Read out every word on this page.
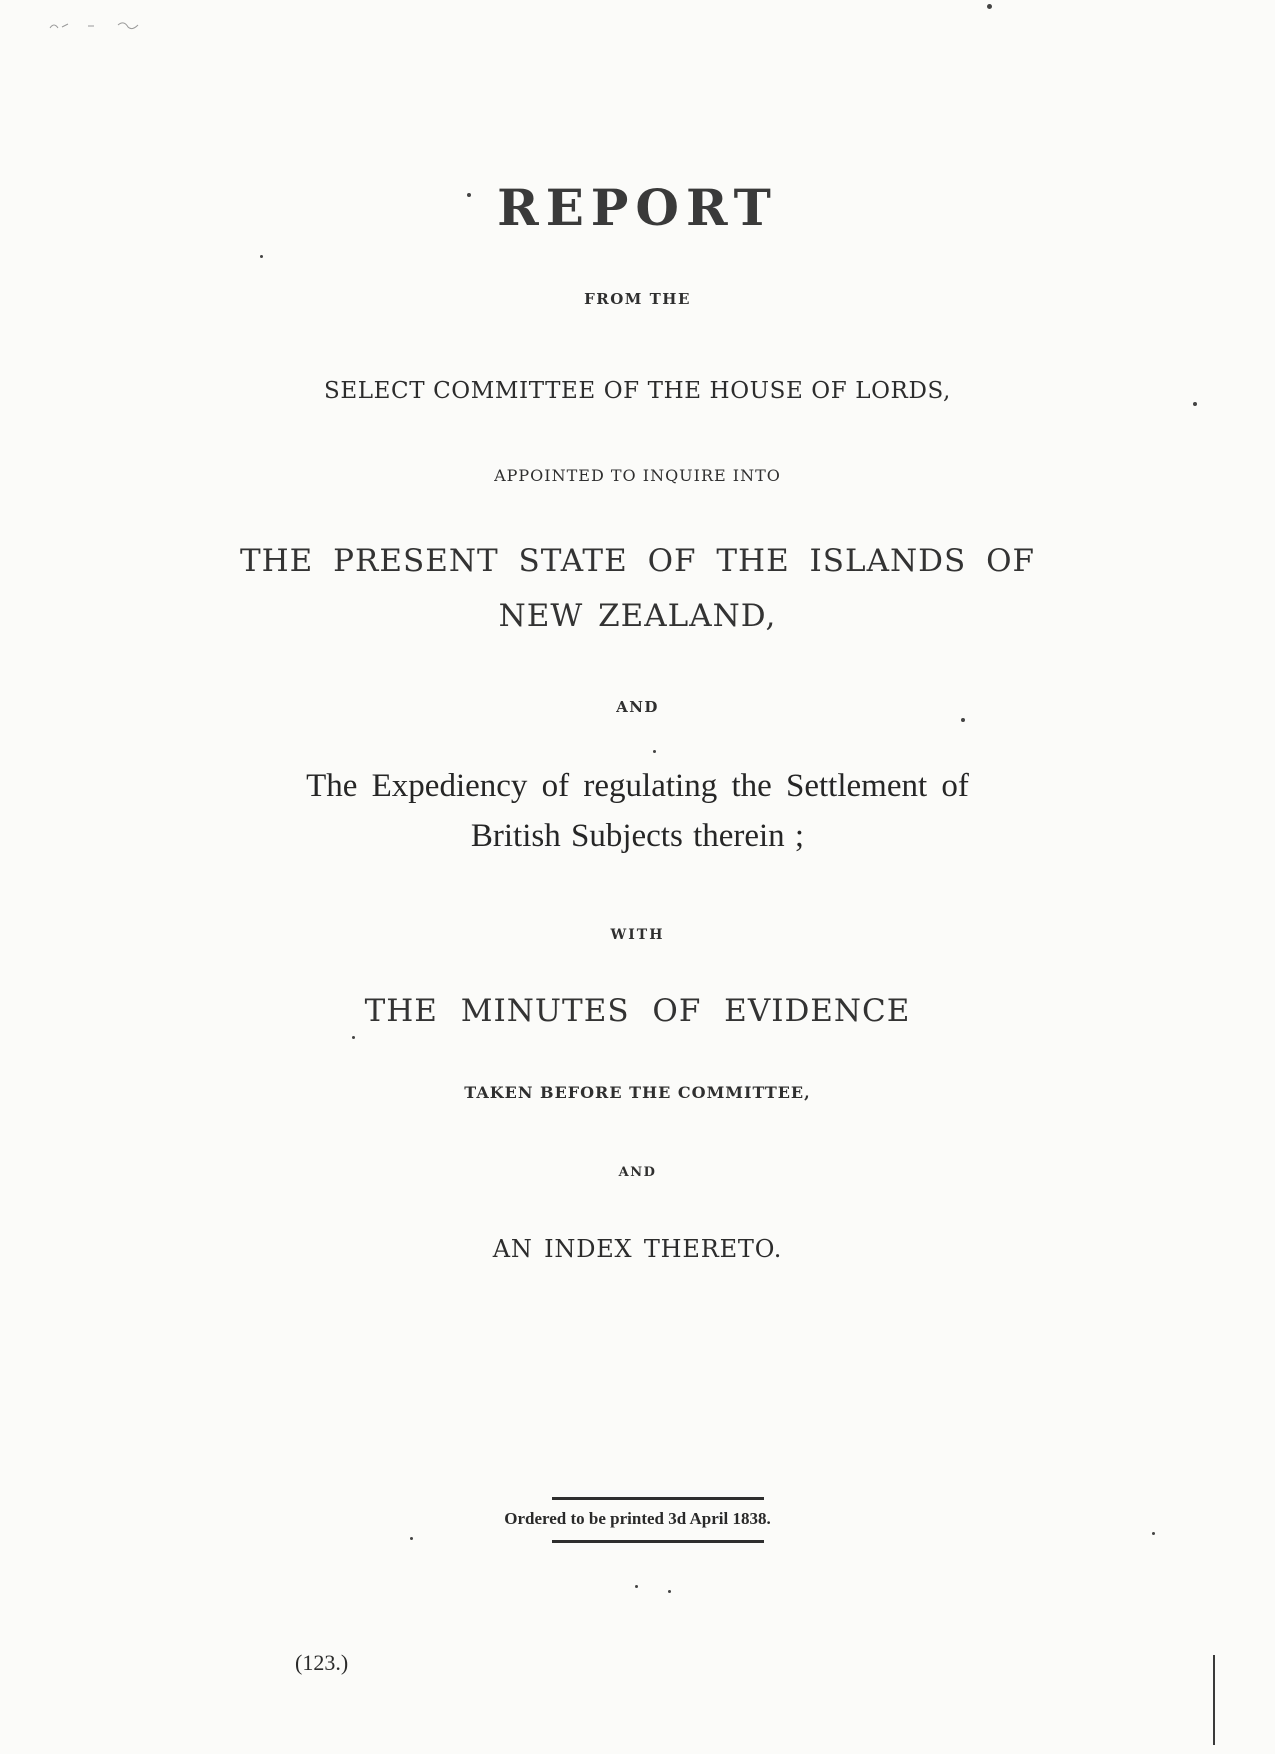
REPORT
FROM THE
SELECT COMMITTEE OF THE HOUSE OF LORDS,
APPOINTED TO INQUIRE INTO
THE PRESENT STATE OF THE ISLANDS OF
NEW ZEALAND,
AND
The Expediency of regulating the Settlement of
British Subjects therein ;
WITH
THE MINUTES OF EVIDENCE
TAKEN BEFORE THE COMMITTEE,
AND
AN INDEX THERETO.
Ordered to be printed 3d April 1838.
(123.)
